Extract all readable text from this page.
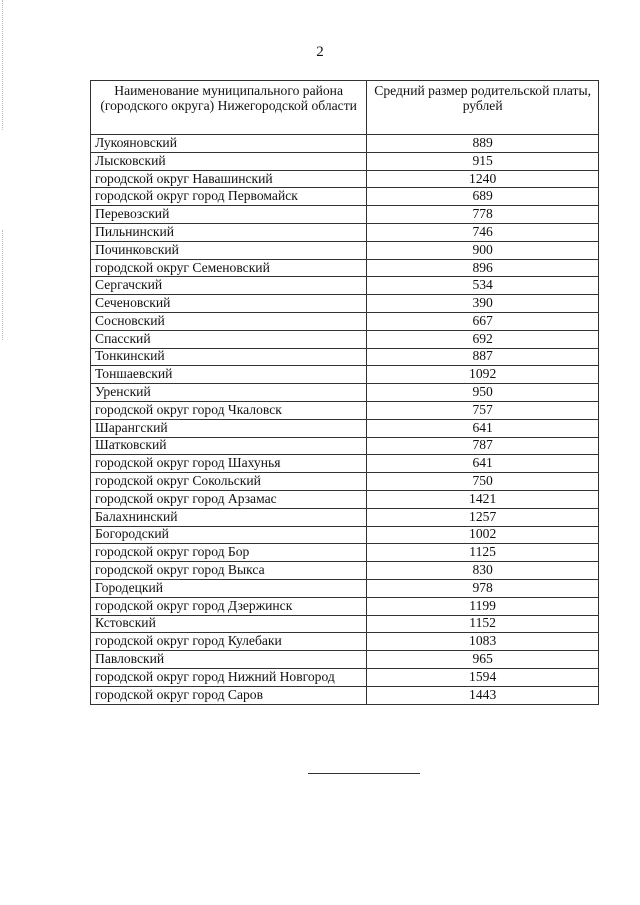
2
Наименование муниципального района (городского округа) Нижегородской области	Средний размер родительской платы, рублей
Лукояновский	889
Лысковский	915
городской округ Навашинский	1240
городской округ город Первомайск	689
Перевозский	778
Пильнинский	746
Починковский	900
городской округ Семеновский	896
Сергачский	534
Сеченовский	390
Сосновский	667
Спасский	692
Тонкинский	887
Тоншаевский	1092
Уренский	950
городской округ город Чкаловск	757
Шарангский	641
Шатковский	787
городской округ город Шахунья	641
городской округ Сокольский	750
городской округ город Арзамас	1421
Балахнинский	1257
Богородский	1002
городской округ город Бор	1125
городской округ город Выкса	830
Городецкий	978
городской округ город Дзержинск	1199
Кстовский	1152
городской округ город Кулебаки	1083
Павловский	965
городской округ город Нижний Новгород	1594
городской округ город Саров	1443
